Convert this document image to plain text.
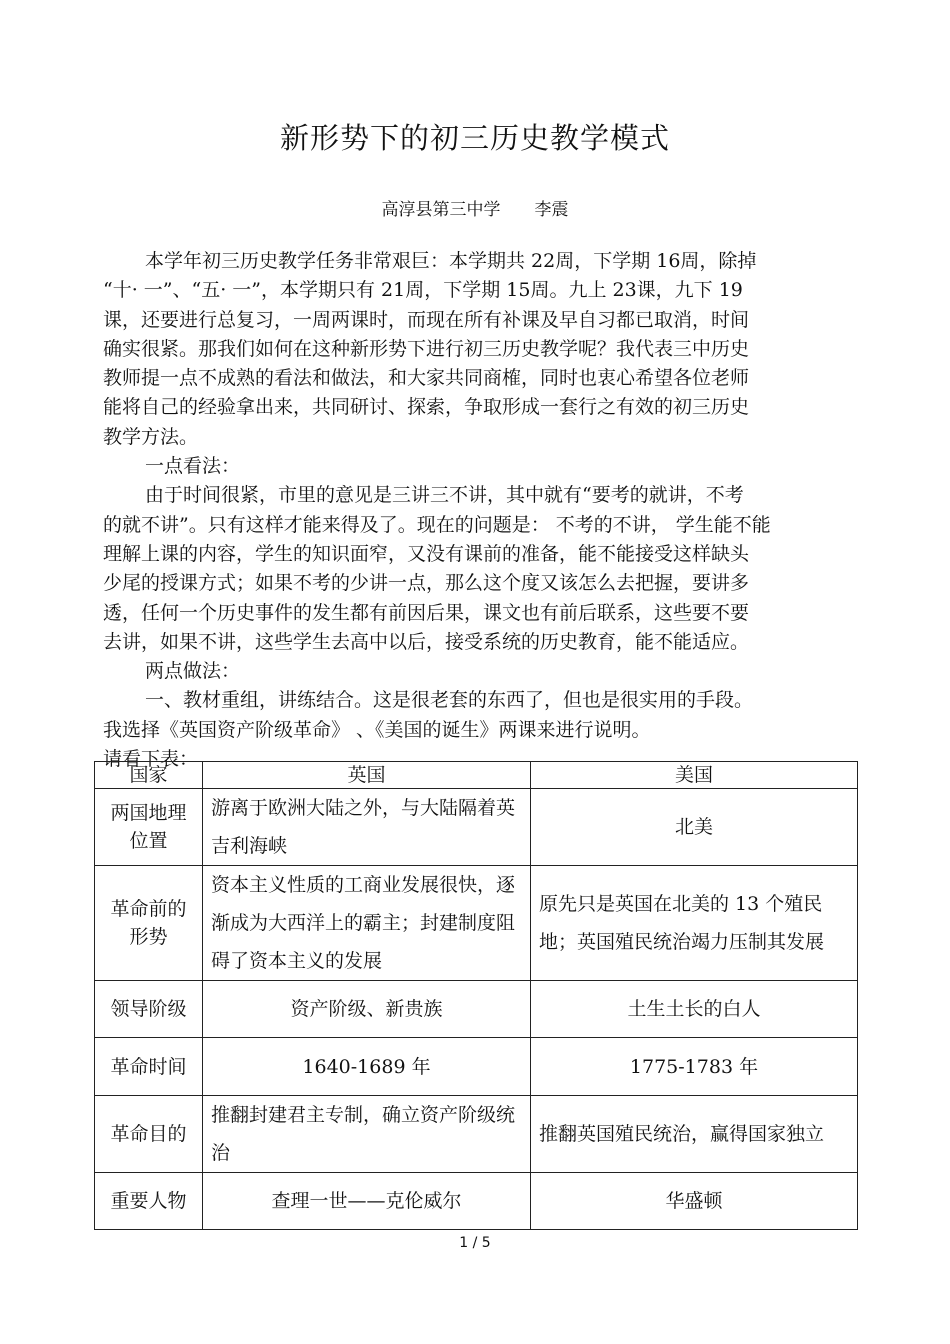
新形势下的初三历史教学模式
高淳县第三中学 李震

本学年初三历史教学任务非常艰巨：本学期共 22周，下学期 16周，除掉

“十· 一”、“五· 一”，本学期只有 21周，下学期 15周。九上 23课，九下 19

课，还要进行总复习，一周两课时，而现在所有补课及早自习都已取消，时间

确实很紧。那我们如何在这种新形势下进行初三历史教学呢？我代表三中历史

教师提一点不成熟的看法和做法，和大家共同商榷，同时也衷心希望各位老师

能将自己的经验拿出来，共同研讨、探索，争取形成一套行之有效的初三历史

教学方法。

一点看法：

由于时间很紧，市里的意见是三讲三不讲，其中就有“要考的就讲，不考

的就不讲”。只有这样才能来得及了。现在的问题是： 不考的不讲， 学生能不能

理解上课的内容，学生的知识面窄，又没有课前的准备，能不能接受这样缺头

少尾的授课方式；如果不考的少讲一点，那么这个度又该怎么去把握，要讲多

透，任何一个历史事件的发生都有前因后果，课文也有前后联系，这些要不要

去讲，如果不讲，这些学生去高中以后，接受系统的历史教育，能不能适应。

两点做法：

一、教材重组，讲练结合。这是很老套的东西了，但也是很实用的手段。

我选择《英国资产阶级革命》 、《美国的诞生》两课来进行说明。

请看下表：

国家	英国	美国
两国地理位置	游离于欧洲大陆之外，与大陆隔着英吉利海峡	北美
革命前的形势	资本主义性质的工商业发展很快，逐渐成为大西洋上的霸主；封建制度阻碍了资本主义的发展	原先只是英国在北美的 13 个殖民地；英国殖民统治竭力压制其发展
领导阶级	资产阶级、新贵族	土生土长的白人
革命时间	1640-1689 年	1775-1783 年
革命目的	推翻封建君主专制，确立资产阶级统治	推翻英国殖民统治，赢得国家独立
重要人物	查理一世——克伦威尔	华盛顿
1 / 5
